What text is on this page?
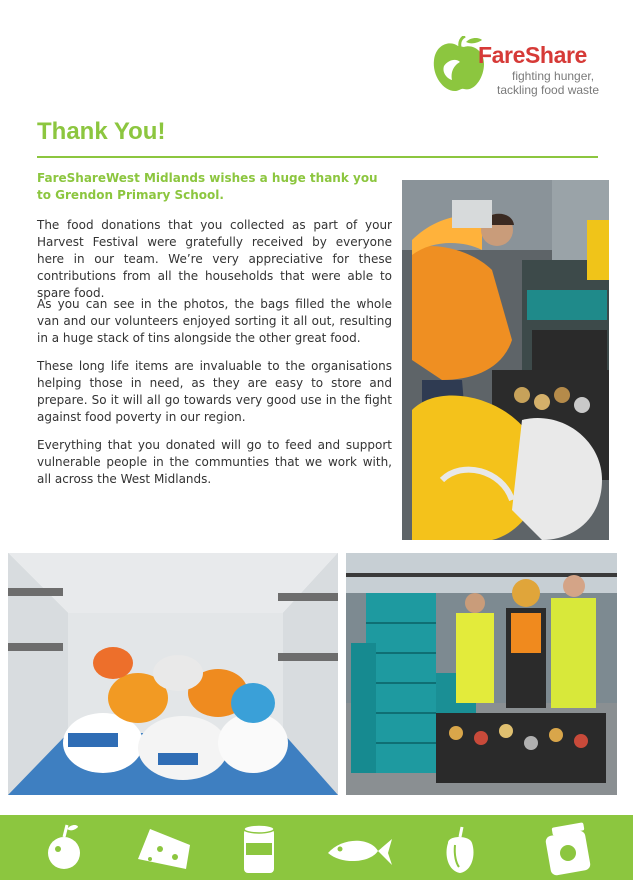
FareShare
fighting hunger,
tackling food waste
Thank You!

FareShareWest Midlands wishes a huge thank you to Grendon Primary School.

The food donations that you collected as part of your Harvest Festival were gratefully received by everyone here in our team. We’re very appreciative for these contributions from all the households that were able to spare food.

As you can see in the photos, the bags filled the whole van and our volunteers enjoyed sorting it all out, resulting in a huge stack of tins alongside the other great food.

These long life items are invaluable to the organisations helping those in need, as they are easy to store and prepare. So it will all go towards very good use in the fight against food poverty in our region.

Everything that you donated will go to feed and support vulnerable people in the communties that we work with, all across the West Midlands.
